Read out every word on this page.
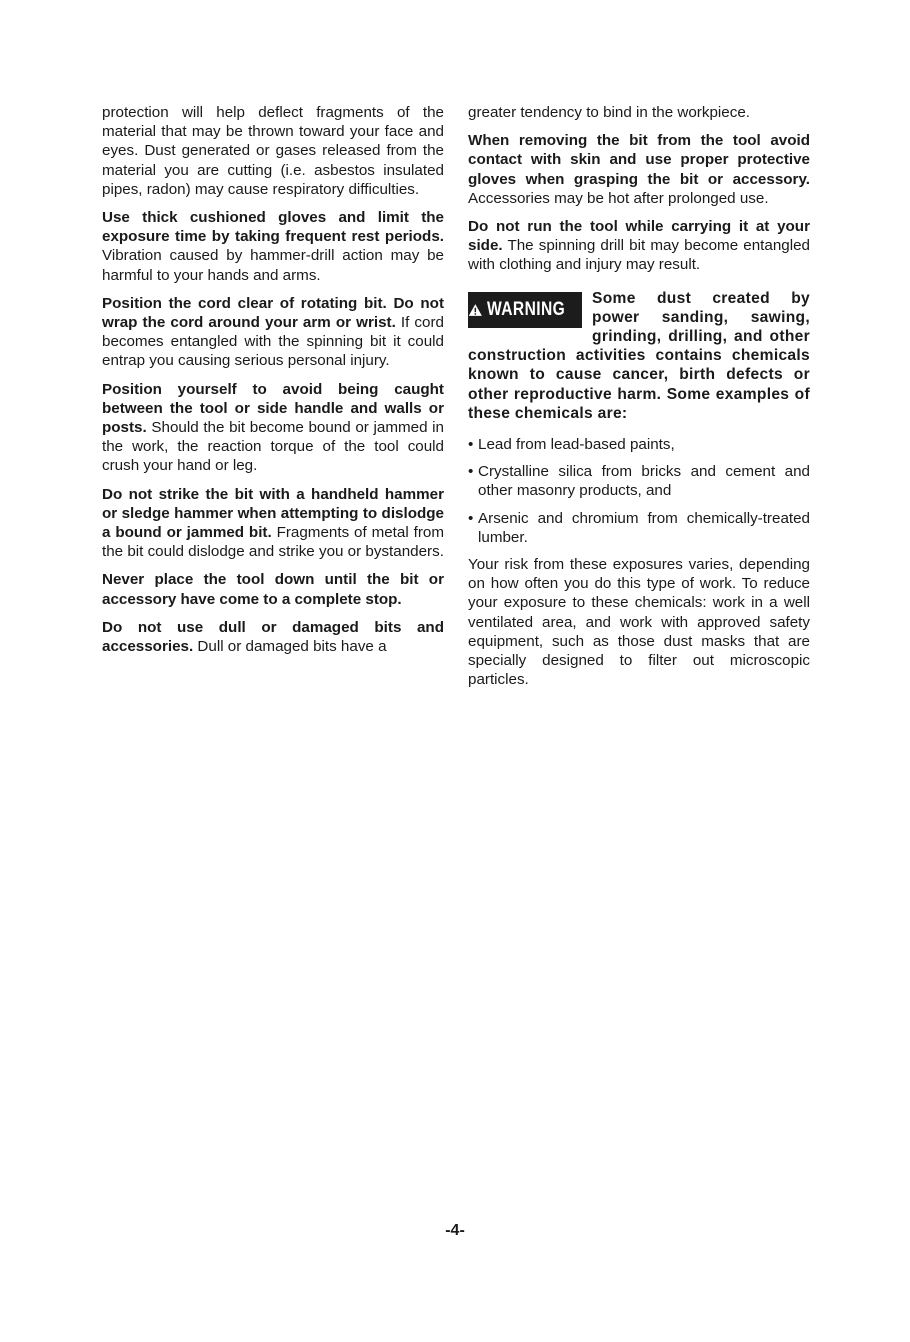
protection will help deflect fragments of the material that may be thrown toward your face and eyes. Dust generated or gases released from the material you are cutting (i.e. asbestos insulated pipes, radon) may cause respiratory difficulties.

Use thick cushioned gloves and limit the exposure time by taking frequent rest periods. Vibration caused by hammer-drill action may be harmful to your hands and arms.

Position the cord clear of rotating bit. Do not wrap the cord around your arm or wrist. If cord becomes entangled with the spinning bit it could entrap you causing serious personal injury.

Position yourself to avoid being caught between the tool or side handle and walls or posts. Should the bit become bound or jammed in the work, the reaction torque of the tool could crush your hand or leg.

Do not strike the bit with a handheld hammer or sledge hammer when attempting to dislodge a bound or jammed bit. Fragments of metal from the bit could dislodge and strike you or bystanders.

Never place the tool down until the bit or accessory have come to a complete stop.

Do not use dull or damaged bits and accessories. Dull or damaged bits have a

greater tendency to bind in the workpiece.

When removing the bit from the tool avoid contact with skin and use proper protective gloves when grasping the bit or accessory. Accessories may be hot after prolonged use.

Do not run the tool while carrying it at your side. The spinning drill bit may become entangled with clothing and injury may result.

WARNING
Some dust created by power sanding, sawing, grinding, drilling, and other construction activities contains chemicals known to cause cancer, birth defects or other reproductive harm. Some examples of these chemicals are:
• Lead from lead-based paints,
• Crystalline silica from bricks and cement and other masonry products, and
• Arsenic and chromium from chemically-treated lumber.

Your risk from these exposures varies, depending on how often you do this type of work. To reduce your exposure to these chemicals: work in a well ventilated area, and work with approved safety equipment, such as those dust masks that are specially designed to filter out microscopic particles.

-4-
